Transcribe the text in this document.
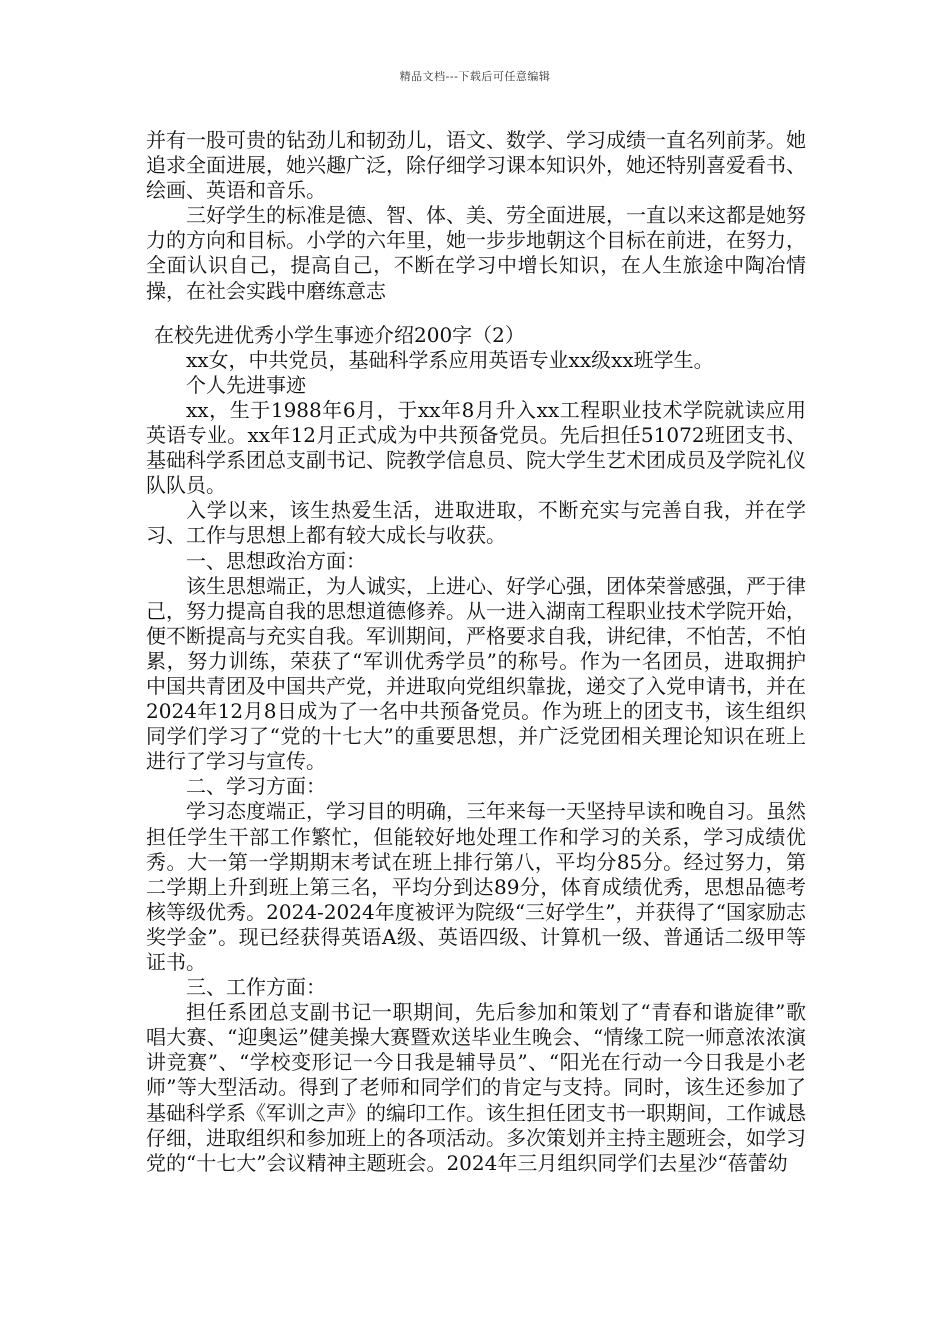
精品文档---下载后可任意编辑

并有一股可贵的钻劲儿和韧劲儿，语文、数学、学习成绩一直名列前茅。她追求全面进展，她兴趣广泛，除仔细学习课本知识外，她还特别喜爱看书、绘画、英语和音乐。

三好学生的标准是德、智、体、美、劳全面进展，一直以来这都是她努力的方向和目标。小学的六年里，她一步步地朝这个目标在前进，在努力，全面认识自己，提高自己，不断在学习中增长知识，在人生旅途中陶冶情操，在社会实践中磨练意志

在校先进优秀小学生事迹介绍200字（2）

xx女，中共党员，基础科学系应用英语专业xx级xx班学生。

个人先进事迹

xx，生于1988年6月，于xx年8月升入xx工程职业技术学院就读应用英语专业。xx年12月正式成为中共预备党员。先后担任51072班团支书、基础科学系团总支副书记、院教学信息员、院大学生艺术团成员及学院礼仪队队员。

入学以来，该生热爱生活，进取进取，不断充实与完善自我，并在学习、工作与思想上都有较大成长与收获。

一、思想政治方面：

该生思想端正，为人诚实，上进心、好学心强，团体荣誉感强，严于律己，努力提高自我的思想道德修养。从一进入湖南工程职业技术学院开始，便不断提高与充实自我。军训期间，严格要求自我，讲纪律，不怕苦，不怕累，努力训练，荣获了“军训优秀学员”的称号。作为一名团员，进取拥护中国共青团及中国共产党，并进取向党组织靠拢，递交了入党申请书，并在2024年12月8日成为了一名中共预备党员。作为班上的团支书，该生组织同学们学习了“党的十七大”的重要思想，并广泛党团相关理论知识在班上进行了学习与宣传。

二、学习方面：

学习态度端正，学习目的明确，三年来每一天坚持早读和晚自习。虽然担任学生干部工作繁忙，但能较好地处理工作和学习的关系，学习成绩优秀。大一第一学期期末考试在班上排行第八，平均分85分。经过努力，第二学期上升到班上第三名，平均分到达89分，体育成绩优秀，思想品德考核等级优秀。2024-2024年度被评为院级“三好学生”，并获得了“国家励志奖学金”。现已经获得英语A级、英语四级、计算机一级、普通话二级甲等证书。

三、工作方面：

担任系团总支副书记一职期间，先后参加和策划了“青春和谐旋律”歌唱大赛、“迎奥运”健美操大赛暨欢送毕业生晚会、“情缘工院一师意浓浓演讲竞赛”、“学校变形记一今日我是辅导员”、“阳光在行动一今日我是小老师”等大型活动。得到了老师和同学们的肯定与支持。同时，该生还参加了基础科学系《军训之声》的编印工作。该生担任团支书一职期间，工作诚恳仔细，进取组织和参加班上的各项活动。多次策划并主持主题班会，如学习党的“十七大”会议精神主题班会。2024年三月组织同学们去星沙“蓓蕾幼
